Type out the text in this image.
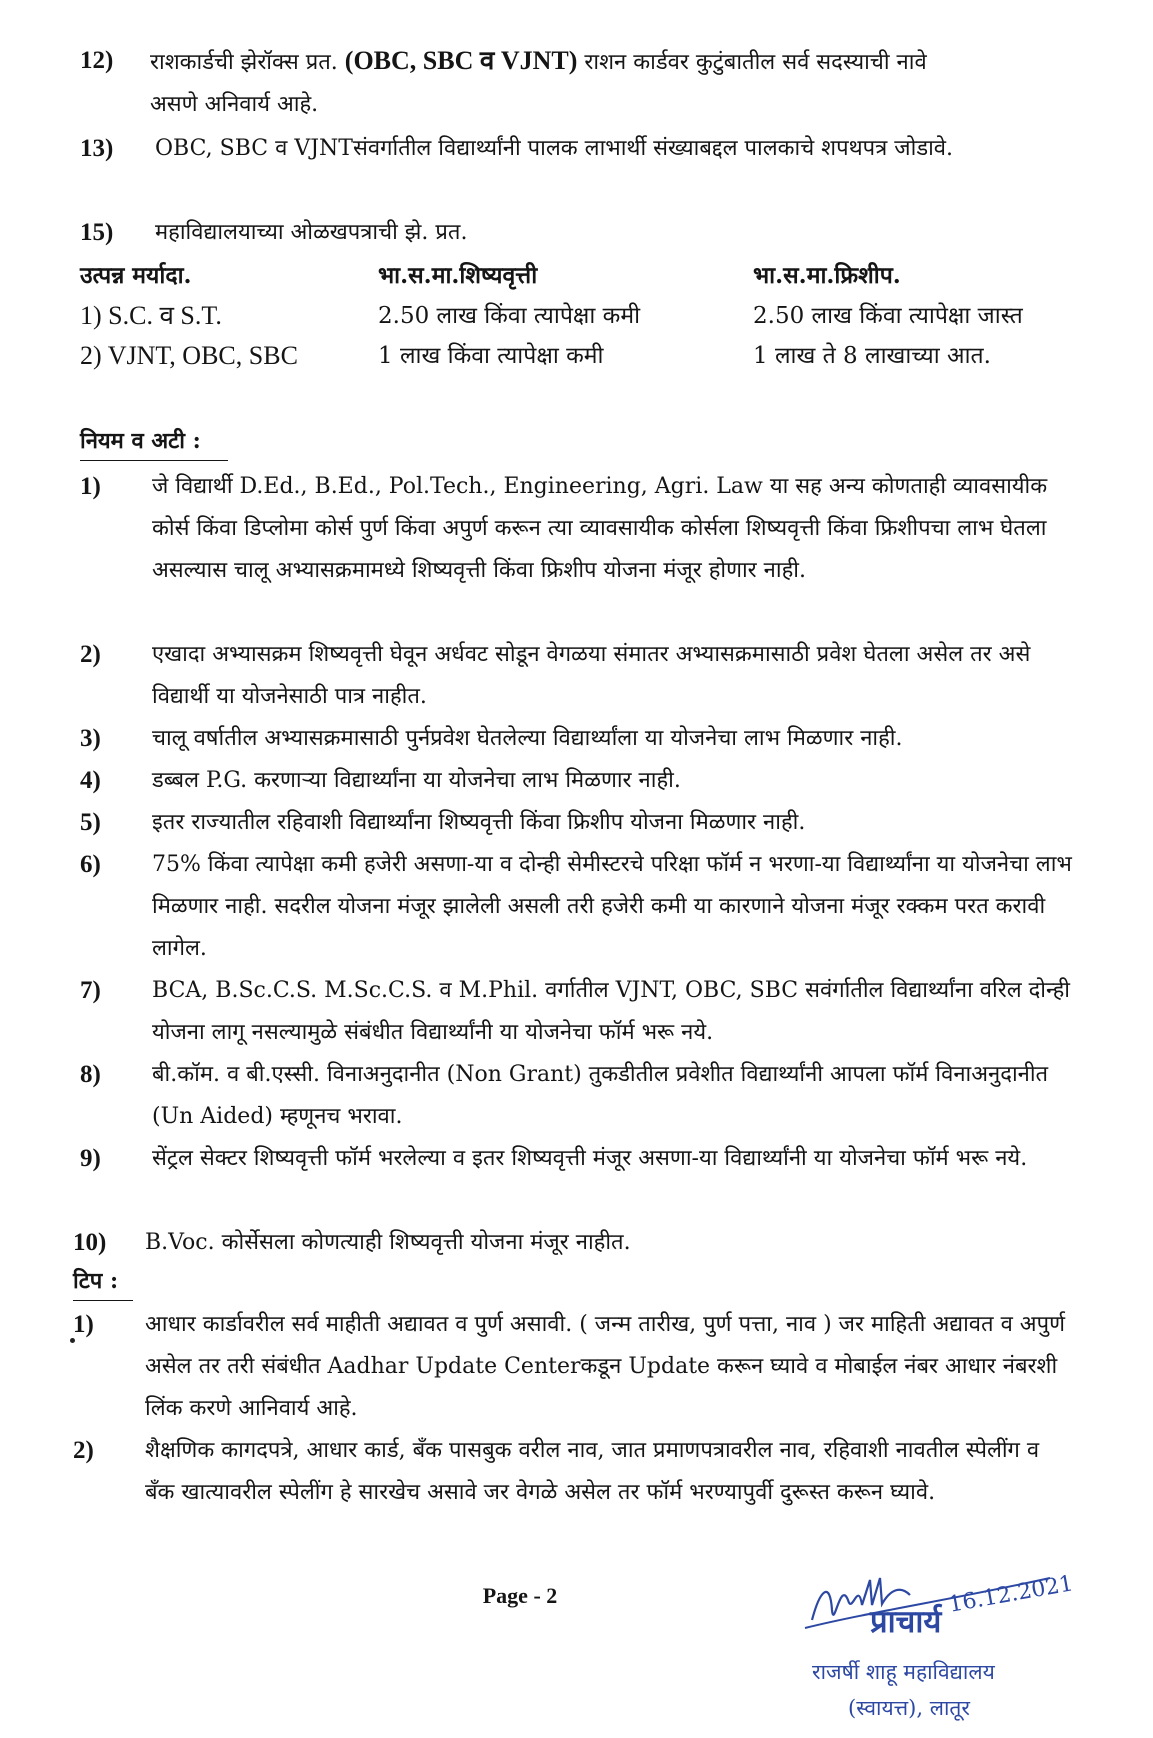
12)	राशकार्डची झेरॉक्स प्रत. (OBC, SBC व VJNT) राशन कार्डवर कुटुंबातील सर्व सदस्याची नावे असणे अनिवार्य आहे.
13)	OBC, SBC व VJNTसंवर्गातील विद्यार्थ्यांनी पालक लाभार्थी संख्याबद्दल पालकाचे शपथपत्र जोडावे.
15)	महाविद्यालयाच्या ओळखपत्राची झे. प्रत.
उत्पन्न मर्यादा.	भा.स.मा.शिष्यवृत्ती	भा.स.मा.फ्रिशीप.
1) S.C. व S.T.	2.50 लाख किंवा त्यापेक्षा कमी	2.50 लाख किंवा त्यापेक्षा जास्त
2) VJNT, OBC, SBC	1 लाख किंवा त्यापेक्षा कमी	1 लाख ते 8 लाखाच्या आत.
नियम व अटी :
1)	जे विद्यार्थी D.Ed., B.Ed., Pol.Tech., Engineering, Agri. Law या सह अन्य कोणताही व्यावसायीक कोर्स किंवा डिप्लोमा कोर्स पुर्ण किंवा अपुर्ण करून त्या व्यावसायीक कोर्सला शिष्यवृत्ती किंवा फ्रिशीपचा लाभ घेतला असल्यास चालू अभ्यासक्रमामध्ये शिष्यवृत्ती किंवा फ्रिशीप योजना मंजूर होणार नाही.
2)	एखादा अभ्यासक्रम शिष्यवृत्ती घेवून अर्धवट सोडून वेगळया संमातर अभ्यासक्रमासाठी प्रवेश घेतला असेल तर असे विद्यार्थी या योजनेसाठी पात्र नाहीत.
3)	चालू वर्षातील अभ्यासक्रमासाठी पुर्नप्रवेश घेतलेल्या विद्यार्थ्यांला या योजनेचा लाभ मिळणार नाही.
4)	डब्बल P.G. करणाऱ्या विद्यार्थ्यांना या योजनेचा लाभ मिळणार नाही.
5)	इतर राज्यातील रहिवाशी विद्यार्थ्यांना शिष्यवृत्ती किंवा फ्रिशीप योजना मिळणार नाही.
6)	75% किंवा त्यापेक्षा कमी हजेरी असणा-या व दोन्ही सेमीस्टरचे परिक्षा फॉर्म न भरणा-या विद्यार्थ्यांना या योजनेचा लाभ मिळणार नाही. सदरील योजना मंजूर झालेली असली तरी हजेरी कमी या कारणाने योजना मंजूर रक्कम परत करावी लागेल.
7)	BCA, B.Sc.C.S. M.Sc.C.S. व M.Phil. वर्गातील VJNT, OBC, SBC सवंर्गातील विद्यार्थ्यांना वरिल दोन्ही योजना लागू नसल्यामुळे संबंधीत विद्यार्थ्यांनी या योजनेचा फॉर्म भरू नये.
8)	बी.कॉम. व बी.एस्सी. विनाअनुदानीत (Non Grant) तुकडीतील प्रवेशीत विद्यार्थ्यांनी आपला फॉर्म विनाअनुदानीत (Un Aided) म्हणूनच भरावा.
9)	सेंट्रल सेक्टर शिष्यवृत्ती फॉर्म भरलेल्या व इतर शिष्यवृत्ती मंजूर असणा-या विद्यार्थ्यांनी या योजनेचा फॉर्म भरू नये.
10)	B.Voc. कोर्सेसला कोणत्याही शिष्यवृत्ती योजना मंजूर नाहीत.
टिप :
1)	आधार कार्डावरील सर्व माहीती अद्यावत व पुर्ण असावी. ( जन्म तारीख, पुर्ण पत्ता, नाव ) जर माहिती अद्यावत व अपुर्ण असेल तर तरी संबंधीत Aadhar Update Centerकडून Update करून घ्यावे व मोबाईल नंबर आधार नंबरशी लिंक करणे आनिवार्य आहे.
2)	शैक्षणिक कागदपत्रे, आधार कार्ड, बँक पासबुक वरील नाव, जात प्रमाणपत्रावरील नाव, रहिवाशी नावतील स्पेलींग व बँक खात्यावरील स्पेलींग हे सारखेच असावे जर वेगळे असेल तर फॉर्म भरण्यापुर्वी दुरूस्त करून घ्यावे.
Page - 2	16.12.2021
प्राचार्य
राजर्षी शाहू महाविद्यालय
(स्वायत्त), लातूर
